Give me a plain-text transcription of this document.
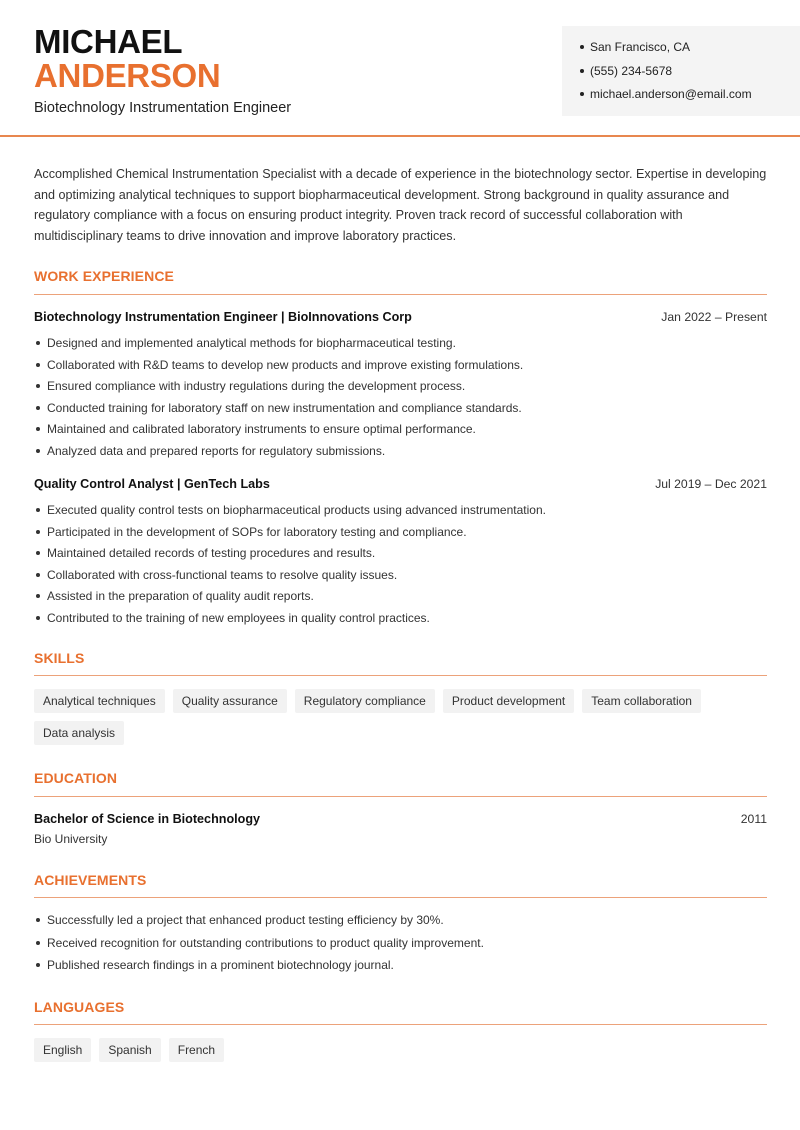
MICHAEL
ANDERSON
Biotechnology Instrumentation Engineer
San Francisco, CA
(555) 234-5678
michael.anderson@email.com

Accomplished Chemical Instrumentation Specialist with a decade of experience in the biotechnology sector. Expertise in developing and optimizing analytical techniques to support biopharmaceutical development. Strong background in quality assurance and regulatory compliance with a focus on ensuring product integrity. Proven track record of successful collaboration with multidisciplinary teams to drive innovation and improve laboratory practices.

WORK EXPERIENCE
Biotechnology Instrumentation Engineer | BioInnovations Corp	Jan 2022 – Present
Designed and implemented analytical methods for biopharmaceutical testing.
Collaborated with R&D teams to develop new products and improve existing formulations.
Ensured compliance with industry regulations during the development process.
Conducted training for laboratory staff on new instrumentation and compliance standards.
Maintained and calibrated laboratory instruments to ensure optimal performance.
Analyzed data and prepared reports for regulatory submissions.
Quality Control Analyst | GenTech Labs	Jul 2019 – Dec 2021
Executed quality control tests on biopharmaceutical products using advanced instrumentation.
Participated in the development of SOPs for laboratory testing and compliance.
Maintained detailed records of testing procedures and results.
Collaborated with cross-functional teams to resolve quality issues.
Assisted in the preparation of quality audit reports.
Contributed to the training of new employees in quality control practices.
SKILLS
Analytical techniques	Quality assurance	Regulatory compliance	Product development	Team collaboration
Data analysis
EDUCATION
Bachelor of Science in Biotechnology	2011
Bio University
ACHIEVEMENTS
Successfully led a project that enhanced product testing efficiency by 30%.
Received recognition for outstanding contributions to product quality improvement.
Published research findings in a prominent biotechnology journal.
LANGUAGES
English	Spanish	French
